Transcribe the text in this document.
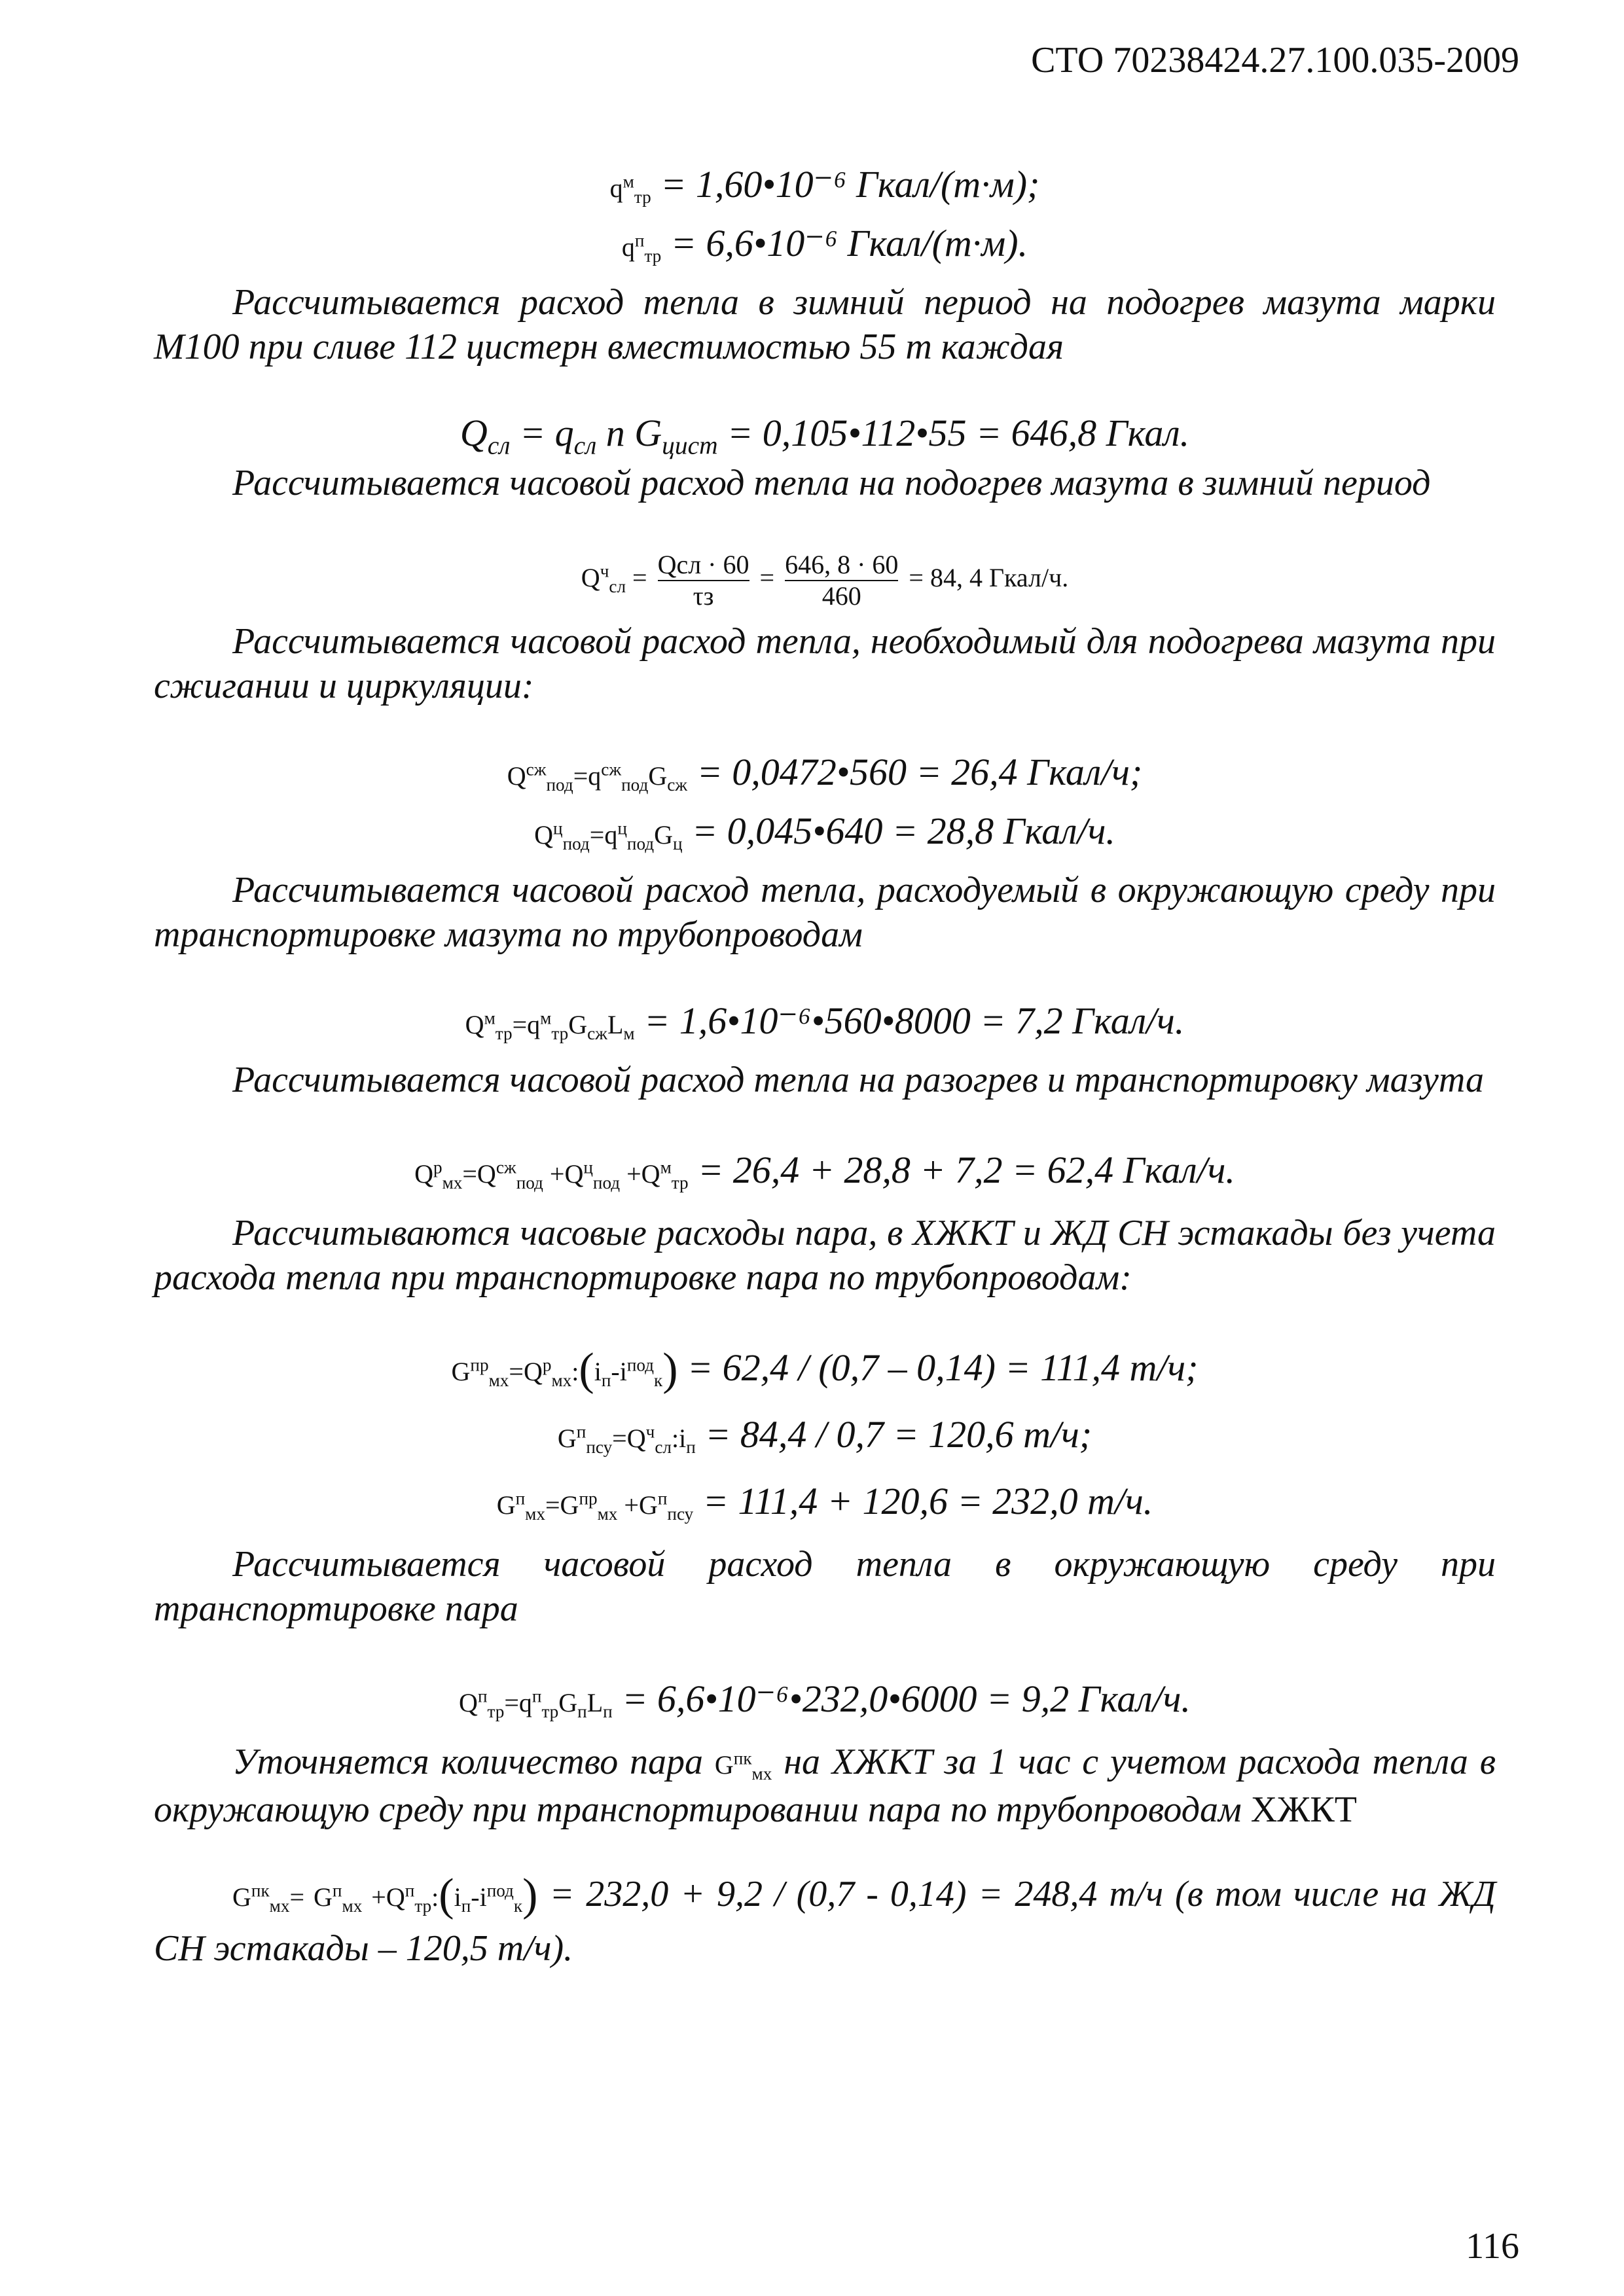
СТО 70238424.27.100.035-2009
$q^м_{тр}$ = 1,60•10⁻⁶ Гкал/(т·м);
$q^п_{тр}$ = 6,6•10⁻⁶ Гкал/(т·м).

Рассчитывается расход тепла в зимний период на подогрев мазута марки М100 при сливе 112 цистерн вместимостью 55 т каждая

$Q_{сл} = q_{сл}$ n $G_{цист}$ = 0,105•112•55 = 646,8 Гкал.

Рассчитывается часовой расход тепла на подогрев мазута в зимний период

$Q^ч_{сл}$ = Qсл · 60
τз
= $\frac{646, 8 \cdot 60}{460} = 84$, 4 Гкал/ч.

Рассчитывается часовой расход тепла, необходимый для подогрева мазута при сжигании и циркуляции:

$Q^{сж}_{под}=q^{сж}_{под}G_{сж}$ = 0,0472•560 = 26,4 Гкал/ч;
$Q^ц_{под}=q^ц_{под}G_ц$ = 0,045•640 = 28,8 Гкал/ч.

Рассчитывается часовой расход тепла, расходуемый в окружающую среду при транспортировке мазута по трубопроводам

$Q^м_{тр}=q^м_{тр}G_{сж}L_м$ = 1,6•10⁻⁶•560•8000 = 7,2 Гкал/ч.

Рассчитывается часовой расход тепла на разогрев и транспортировку мазута

$Q^р_{мх}=Q^{сж}_{под} +Q^ц_{под} +Q^м_{тр} = 26,4 + 28,8 + 7,2 = 62,4$ Гкал/ч.

Рассчитываются часовые расходы пара, в ХЖКТ и ЖД СН эстакады без учета расхода тепла при транспортировке пара по трубопроводам:

$G^{пр}_{мх}=Q^р_{мх}:(i_п-i^{под}_к) = 62,4 / (0,7 - 0,14) = 111,4$ т/ч;
$G^п_{псу}=Q^ч_{сл}:i_п = 84,4 / 0,7 = 120,6$ т/ч;
$G^п_{мх}=G^{пр}_{мх} +G^п_{псу} = 111,4 + 120,6 = 232,0$ т/ч.

Рассчитывается часовой расход тепла в окружающую среду при транспортировке пара

$Q^п_{тр}=q^п_{тр}G_пL_п$ = 6,6•10⁻⁶•232,0•6000 = 9,2 Гкал/ч.

Уточняется количество пара $G^{пк}_{мх}$ на ХЖКТ за 1 час с учетом расхода тепла в окружающую среду при транспортировании пара по трубопроводам ХЖКТ

$G^{пк}_{мх}= G^п_{мх}$ $+Q^п_{тр}:(i_п-i^{под}_к) = 232,0 + 9,2 / (0,7 - 0,14) = 248,4$ т/ч (в том числе на ЖД СН эстакады – 120,5 т/ч).

116
